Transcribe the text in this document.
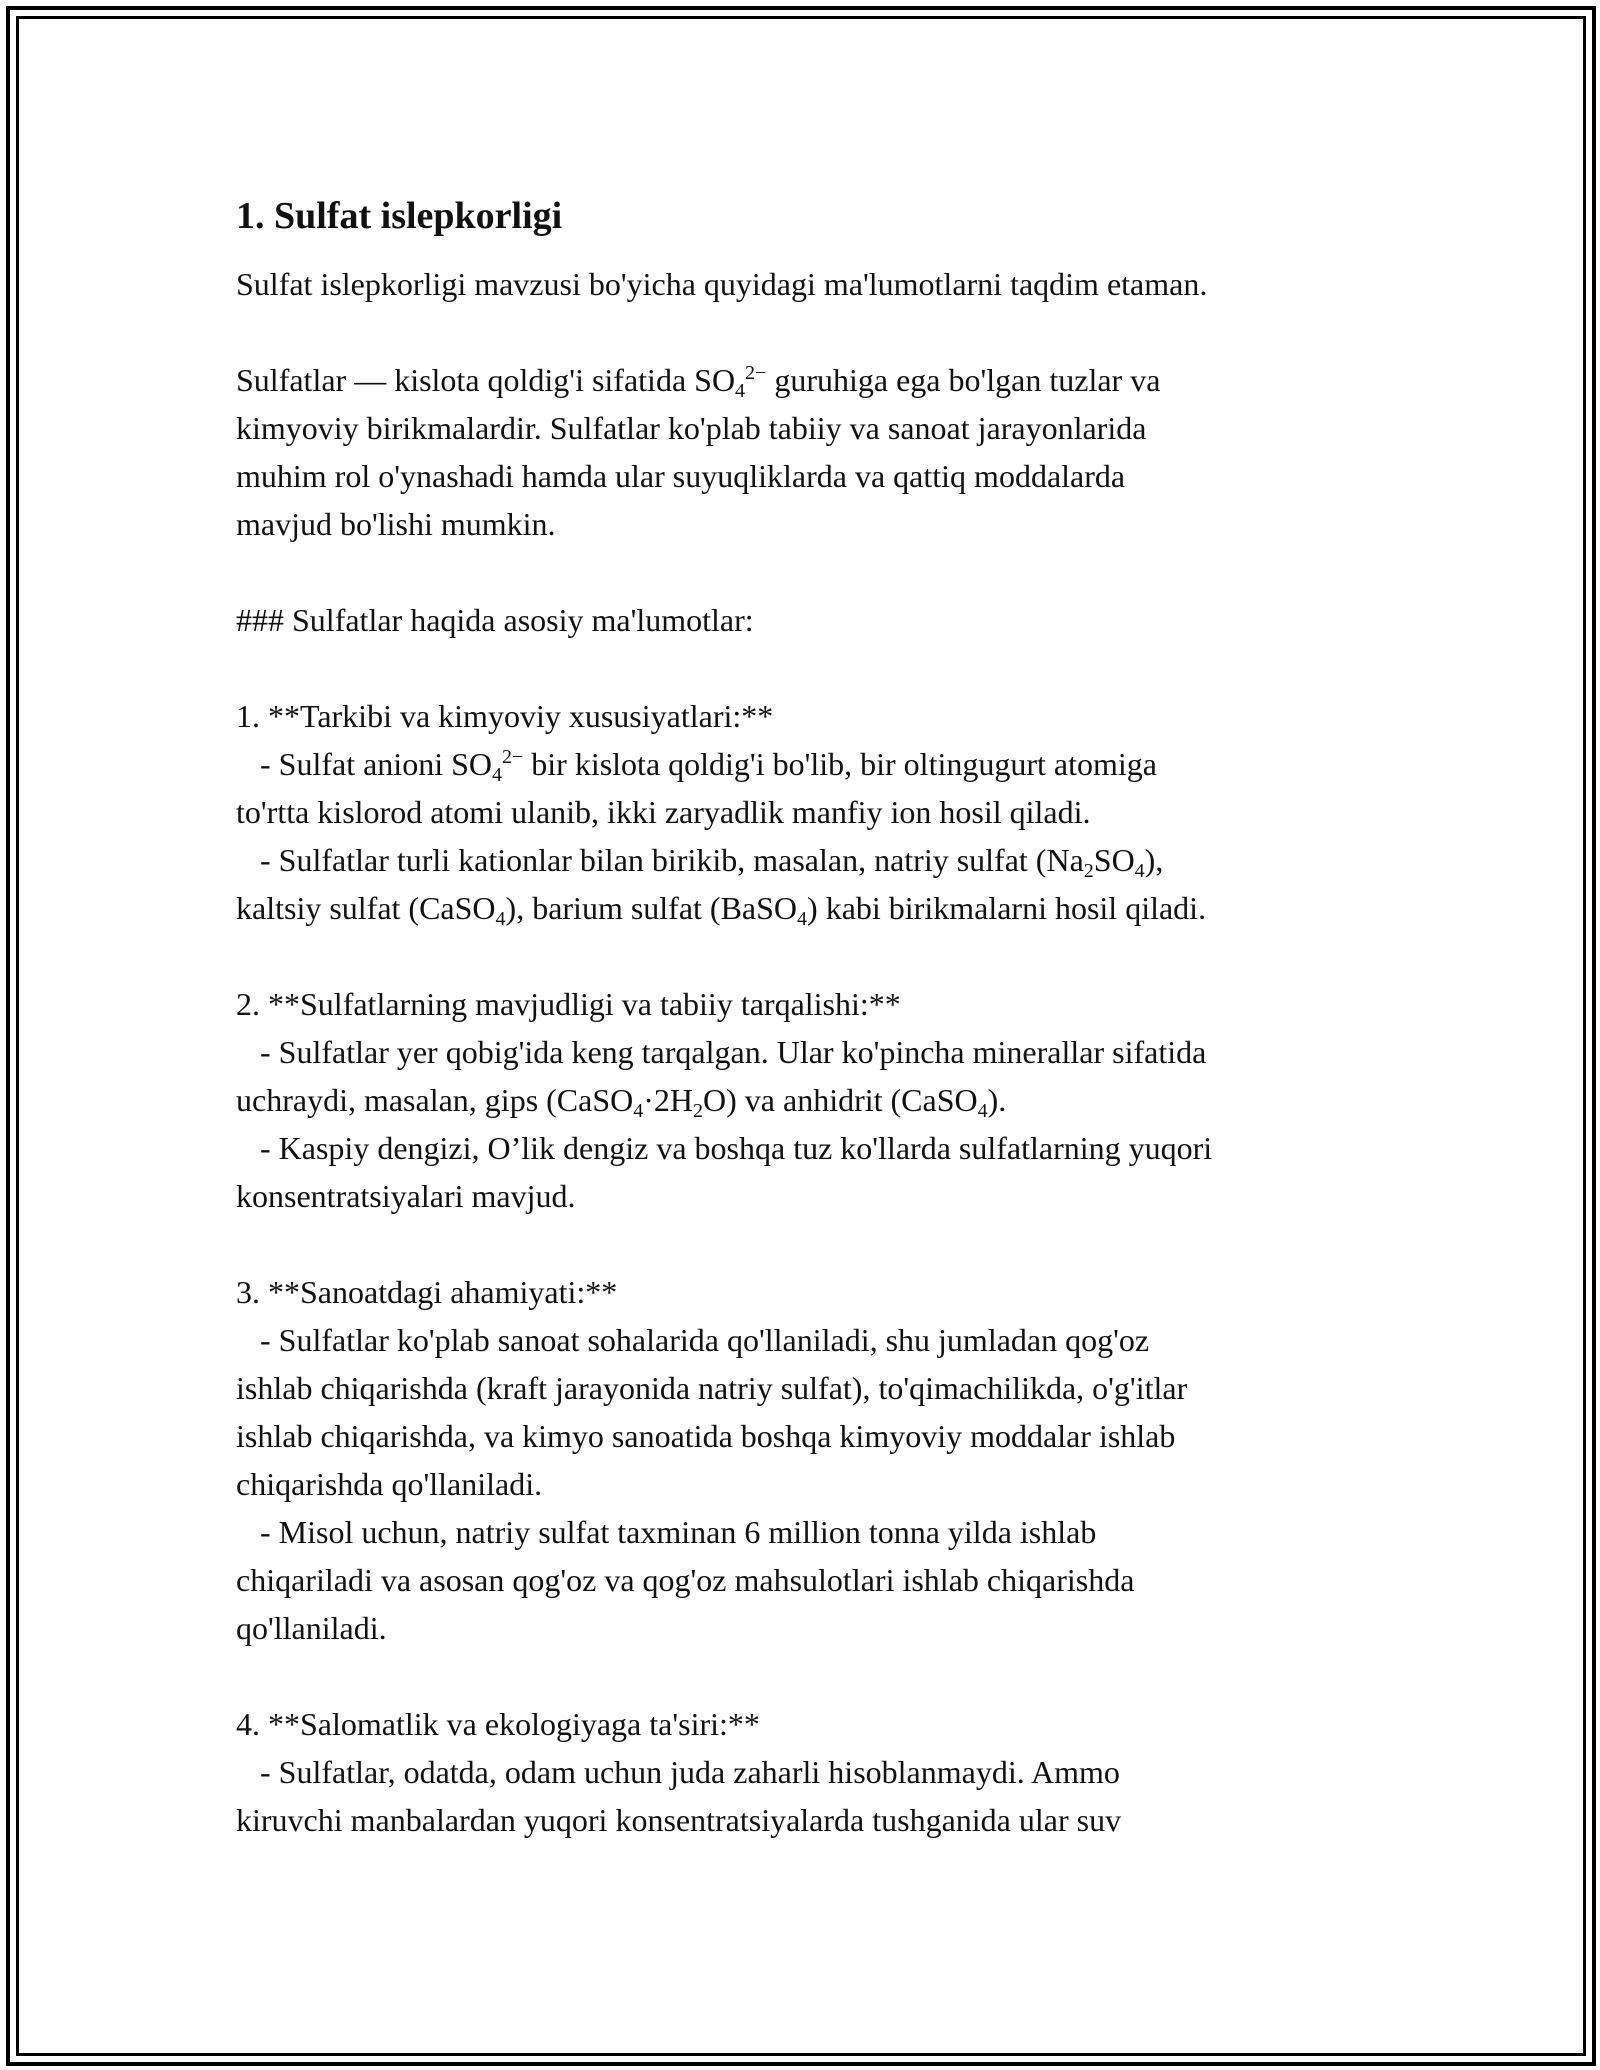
1. Sulfat islepkorligi
Sulfat islepkorligi mavzusi bo'yicha quyidagi ma'lumotlarni taqdim etaman.
Sulfatlar — kislota qoldig'i sifatida $SO_4^{2-}$ guruhiga ega bo'lgan tuzlar va
kimyoviy birikmalardir. Sulfatlar ko'plab tabiiy va sanoat jarayonlarida
muhim rol o'ynashadi hamda ular suyuqliklarda va qattiq moddalarda
mavjud bo'lishi mumkin.
### Sulfatlar haqida asosiy ma'lumotlar:
1. **Tarkibi va kimyoviy xususiyatlari:**
- Sulfat anioni $SO_4^{2-}$ bir kislota qoldig'i bo'lib, bir oltingugurt atomiga
to'rtta kislorod atomi ulanib, ikki zaryadlik manfiy ion hosil qiladi.
- Sulfatlar turli kationlar bilan birikib, masalan, natriy sulfat $(Na_2SO_4)$,
kaltsiy sulfat (CaSO$_4$), barium sulfat (BaSO$_4$) kabi birikmalarni hosil qiladi.
2. **Sulfatlarning mavjudligi va tabiiy tarqalishi:**
- Sulfatlar yer qobig'ida keng tarqalgan. Ular ko'pincha minerallar sifatida
uchraydi, masalan, gips $(CaSO_4\cdot 2H_2O)$ va anhidrit (CaSO$_4$).
- Kaspiy dengizi, O’lik dengiz va boshqa tuz ko'llarda sulfatlarning yuqori
konsentratsiyalari mavjud.
3. **Sanoatdagi ahamiyati:**
- Sulfatlar ko'plab sanoat sohalarida qo'llaniladi, shu jumladan qog'oz
ishlab chiqarishda (kraft jarayonida natriy sulfat), to'qimachilikda, o'g'itlar
ishlab chiqarishda, va kimyo sanoatida boshqa kimyoviy moddalar ishlab
chiqarishda qo'llaniladi.
- Misol uchun, natriy sulfat taxminan 6 million tonna yilda ishlab
chiqariladi va asosan qog'oz va qog'oz mahsulotlari ishlab chiqarishda
qo'llaniladi.
4. **Salomatlik va ekologiyaga ta'siri:**
- Sulfatlar, odatda, odam uchun juda zaharli hisoblanmaydi. Ammo
kiruvchi manbalardan yuqori konsentratsiyalarda tushganida ular suv
